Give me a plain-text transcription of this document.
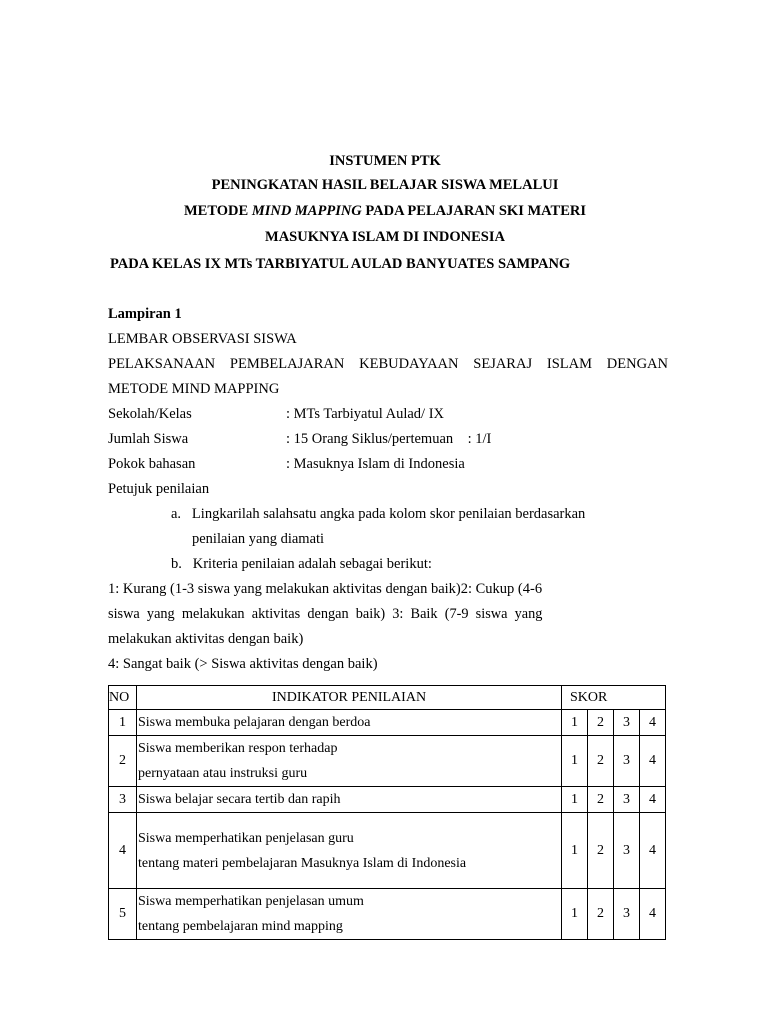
INSTUMEN PTK
PENINGKATAN HASIL BELAJAR SISWA MELALUI
METODE MIND MAPPING PADA PELAJARAN SKI MATERI
MASUKNYA ISLAM DI INDONESIA
PADA KELAS IX MTs TARBIYATUL AULAD BANYUATES SAMPANG
Lampiran 1
LEMBAR OBSERVASI SISWA
PELAKSANAAN PEMBELAJARAN KEBUDAYAAN SEJARAJ ISLAM DENGAN
METODE MIND MAPPING
Sekolah/Kelas	: MTs Tarbiyatul Aulad/ IX
Jumlah Siswa	: 15 Orang Siklus/pertemuan    : 1/I
Pokok bahasan	: Masuknya Islam di Indonesia
Petujuk penilaian
a.   Lingkarilah salahsatu angka pada kolom skor penilaian berdasarkan
penilaian yang diamati
b.   Kriteria penilaian adalah sebagai berikut:
1: Kurang (1-3 siswa yang melakukan aktivitas dengan baik)2: Cukup (4-6
siswa  yang  melakukan  aktivitas  dengan  baik)  3:  Baik  (7-9  siswa  yang
melakukan aktivitas dengan baik)
4: Sangat baik (> Siswa aktivitas dengan baik)
NO	INDIKATOR PENILAIAN	SKOR			
1	Siswa membuka pelajaran dengan berdoa	1	2	3	4
2	Siswa memberikan respon terhadap
pernyataan atau instruksi guru	1	2	3	4
3	Siswa belajar secara tertib dan rapih	1	2	3	4
4	Siswa memperhatikan penjelasan guru
tentang materi pembelajaran Masuknya Islam di Indonesia	1	2	3	4
5	Siswa memperhatikan penjelasan umum
tentang pembelajaran mind mapping	1	2	3	4
